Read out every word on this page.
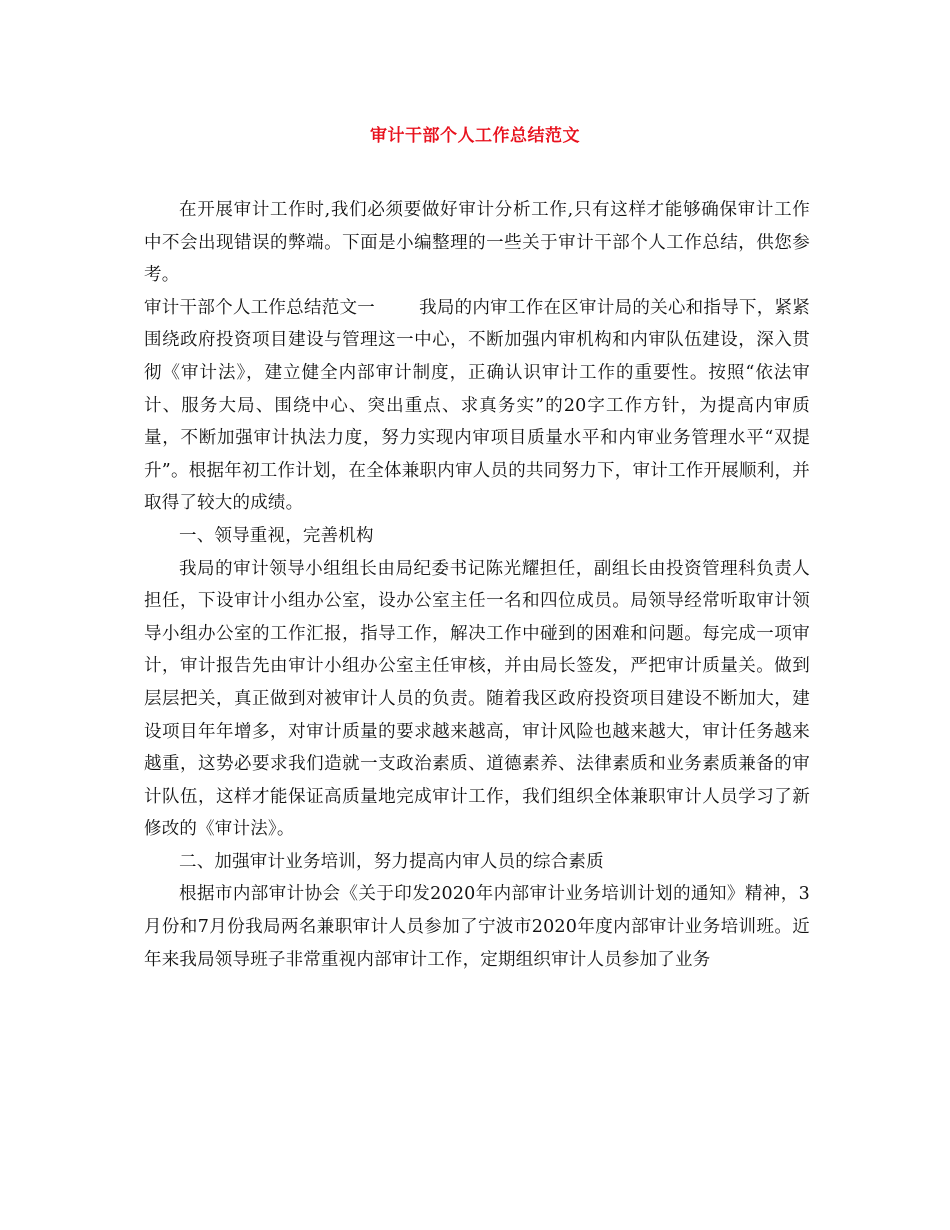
审计干部个人工作总结范文

在开展审计工作时,我们必须要做好审计分析工作,只有这样才能够确保审计工作中不会出现错误的弊端。下面是小编整理的一些关于审计干部个人工作总结，供您参考。

审计干部个人工作总结范文一	我局的内审工作在区审计局的关心和指导下，紧紧围绕政府投资项目建设与管理这一中心，不断加强内审机构和内审队伍建设，深入贯彻《审计法》，建立健全内部审计制度，正确认识审计工作的重要性。按照“依法审计、服务大局、围绕中心、突出重点、求真务实”的20字工作方针，为提高内审质量，不断加强审计执法力度，努力实现内审项目质量水平和内审业务管理水平“双提升”。根据年初工作计划，在全体兼职内审人员的共同努力下，审计工作开展顺利，并取得了较大的成绩。

一、领导重视，完善机构

我局的审计领导小组组长由局纪委书记陈光耀担任，副组长由投资管理科负责人担任，下设审计小组办公室，设办公室主任一名和四位成员。局领导经常听取审计领导小组办公室的工作汇报，指导工作，解决工作中碰到的困难和问题。每完成一项审计，审计报告先由审计小组办公室主任审核，并由局长签发，严把审计质量关。做到层层把关，真正做到对被审计人员的负责。随着我区政府投资项目建设不断加大，建设项目年年增多，对审计质量的要求越来越高，审计风险也越来越大，审计任务越来越重，这势必要求我们造就一支政治素质、道德素养、法律素质和业务素质兼备的审计队伍，这样才能保证高质量地完成审计工作，我们组织全体兼职审计人员学习了新修改的《审计法》。

二、加强审计业务培训，努力提高内审人员的综合素质

根据市内部审计协会《关于印发2020年内部审计业务培训计划的通知》精神，3月份和7月份我局两名兼职审计人员参加了宁波市2020年度内部审计业务培训班。近年来我局领导班子非常重视内部审计工作，定期组织审计人员参加了业务
